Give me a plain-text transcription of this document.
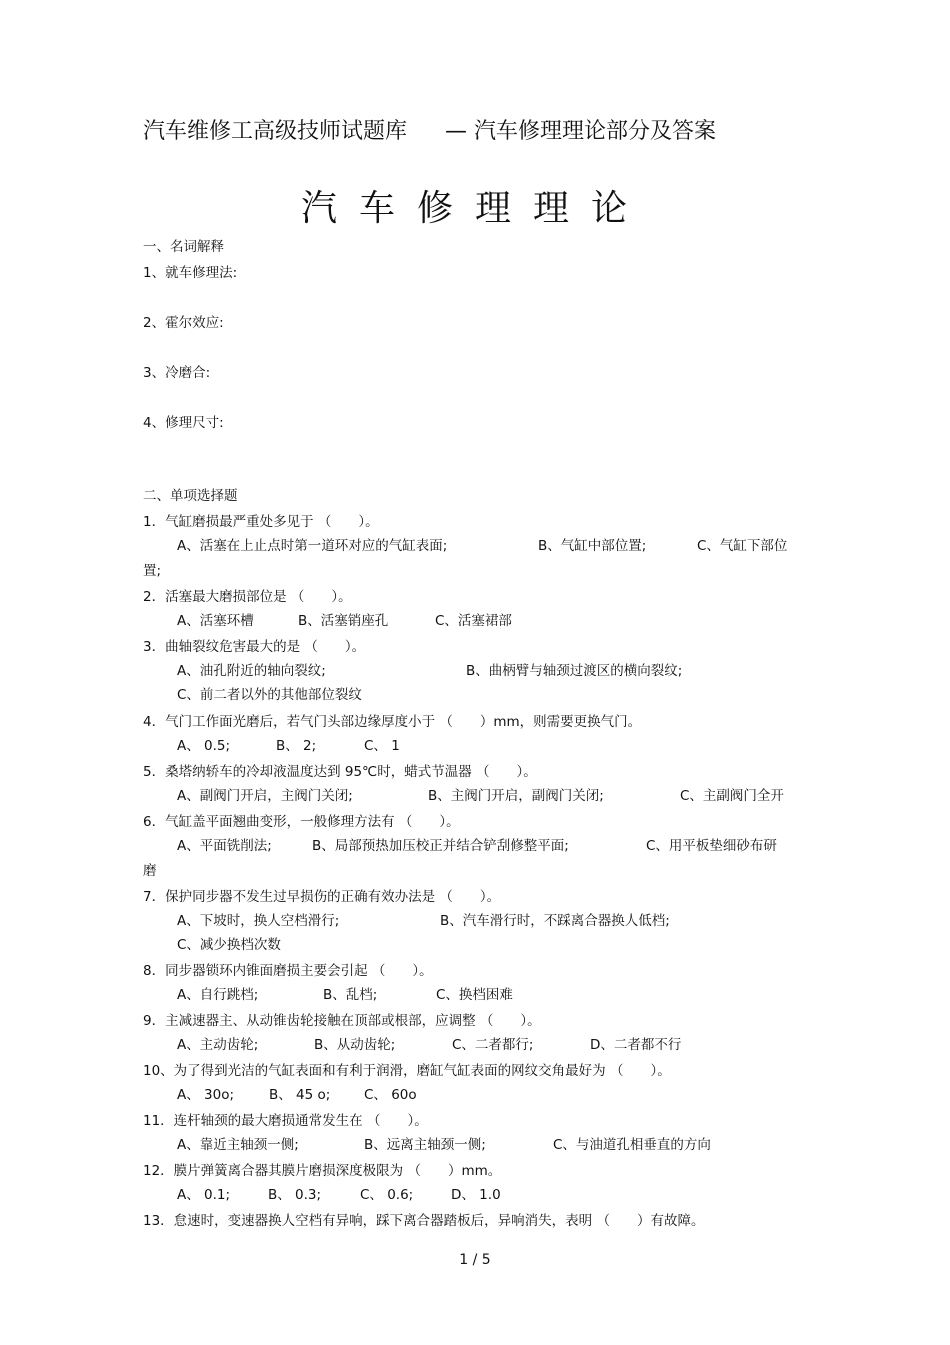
汽车维修工高级技师试题库 — 汽车修理理论部分及答案
汽车修理理论
一、名词解释
1、就车修理法:
2、霍尔效应:
3、冷磨合:
4、修理尺寸:
二、单项选择题
1．气缸磨损最严重处多见于 （　　）。
A、活塞在上止点时第一道环对应的气缸表面;	B、气缸中部位置;	C、气缸下部位
置;
2．活塞最大磨损部位是 （　　）。
A、活塞环槽	B、活塞销座孔	C、活塞裙部
3．曲轴裂纹危害最大的是 （　　）。
A、油孔附近的轴向裂纹;	B、曲柄臂与轴颈过渡区的横向裂纹;
C、前二者以外的其他部位裂纹
4．气门工作面光磨后，若气门头部边缘厚度小于 （　　）mm，则需要更换气门。
A、 0.5;	B、 2;	C、 1
5．桑塔纳轿车的冷却液温度达到 95℃时，蜡式节温器 （　　）。
A、副阀门开启，主阀门关闭;	B、主阀门开启，副阀门关闭;	C、主副阀门全开
6．气缸盖平面翘曲变形，一般修理方法有 （　　）。
A、平面铣削法;	B、局部预热加压校正并结合铲刮修整平面;	C、用平板垫细砂布研
磨
7．保护同步器不发生过早损伤的正确有效办法是 （　　）。
A、下坡时，换人空档滑行;	B、汽车滑行时，不踩离合器换人低档;
C、减少换档次数
8．同步器锁环内锥面磨损主要会引起 （　　）。
A、自行跳档;	B、乱档;	C、换档困难
9．主减速器主、从动锥齿轮接触在顶部或根部，应调整 （　　）。
A、主动齿轮;	B、从动齿轮;	C、二者都行;	D、二者都不行
10、为了得到光洁的气缸表面和有利于润滑，磨缸气缸表面的网纹交角最好为 （　　）。
A、 30o;	B、 45 o; C、 60o
11．连杆轴颈的最大磨损通常发生在 （　　）。
A、靠近主轴颈一侧;	B、远离主轴颈一侧;	C、与油道孔相垂直的方向
12．膜片弹簧离合器其膜片磨损深度极限为 （　　）mm。
A、 0.1;	B、 0.3;	C、 0.6;	D、 1.0
13．怠速时，变速器换人空档有异响，踩下离合器踏板后，异响消失，表明 （　　）有故障。
1 / 5
